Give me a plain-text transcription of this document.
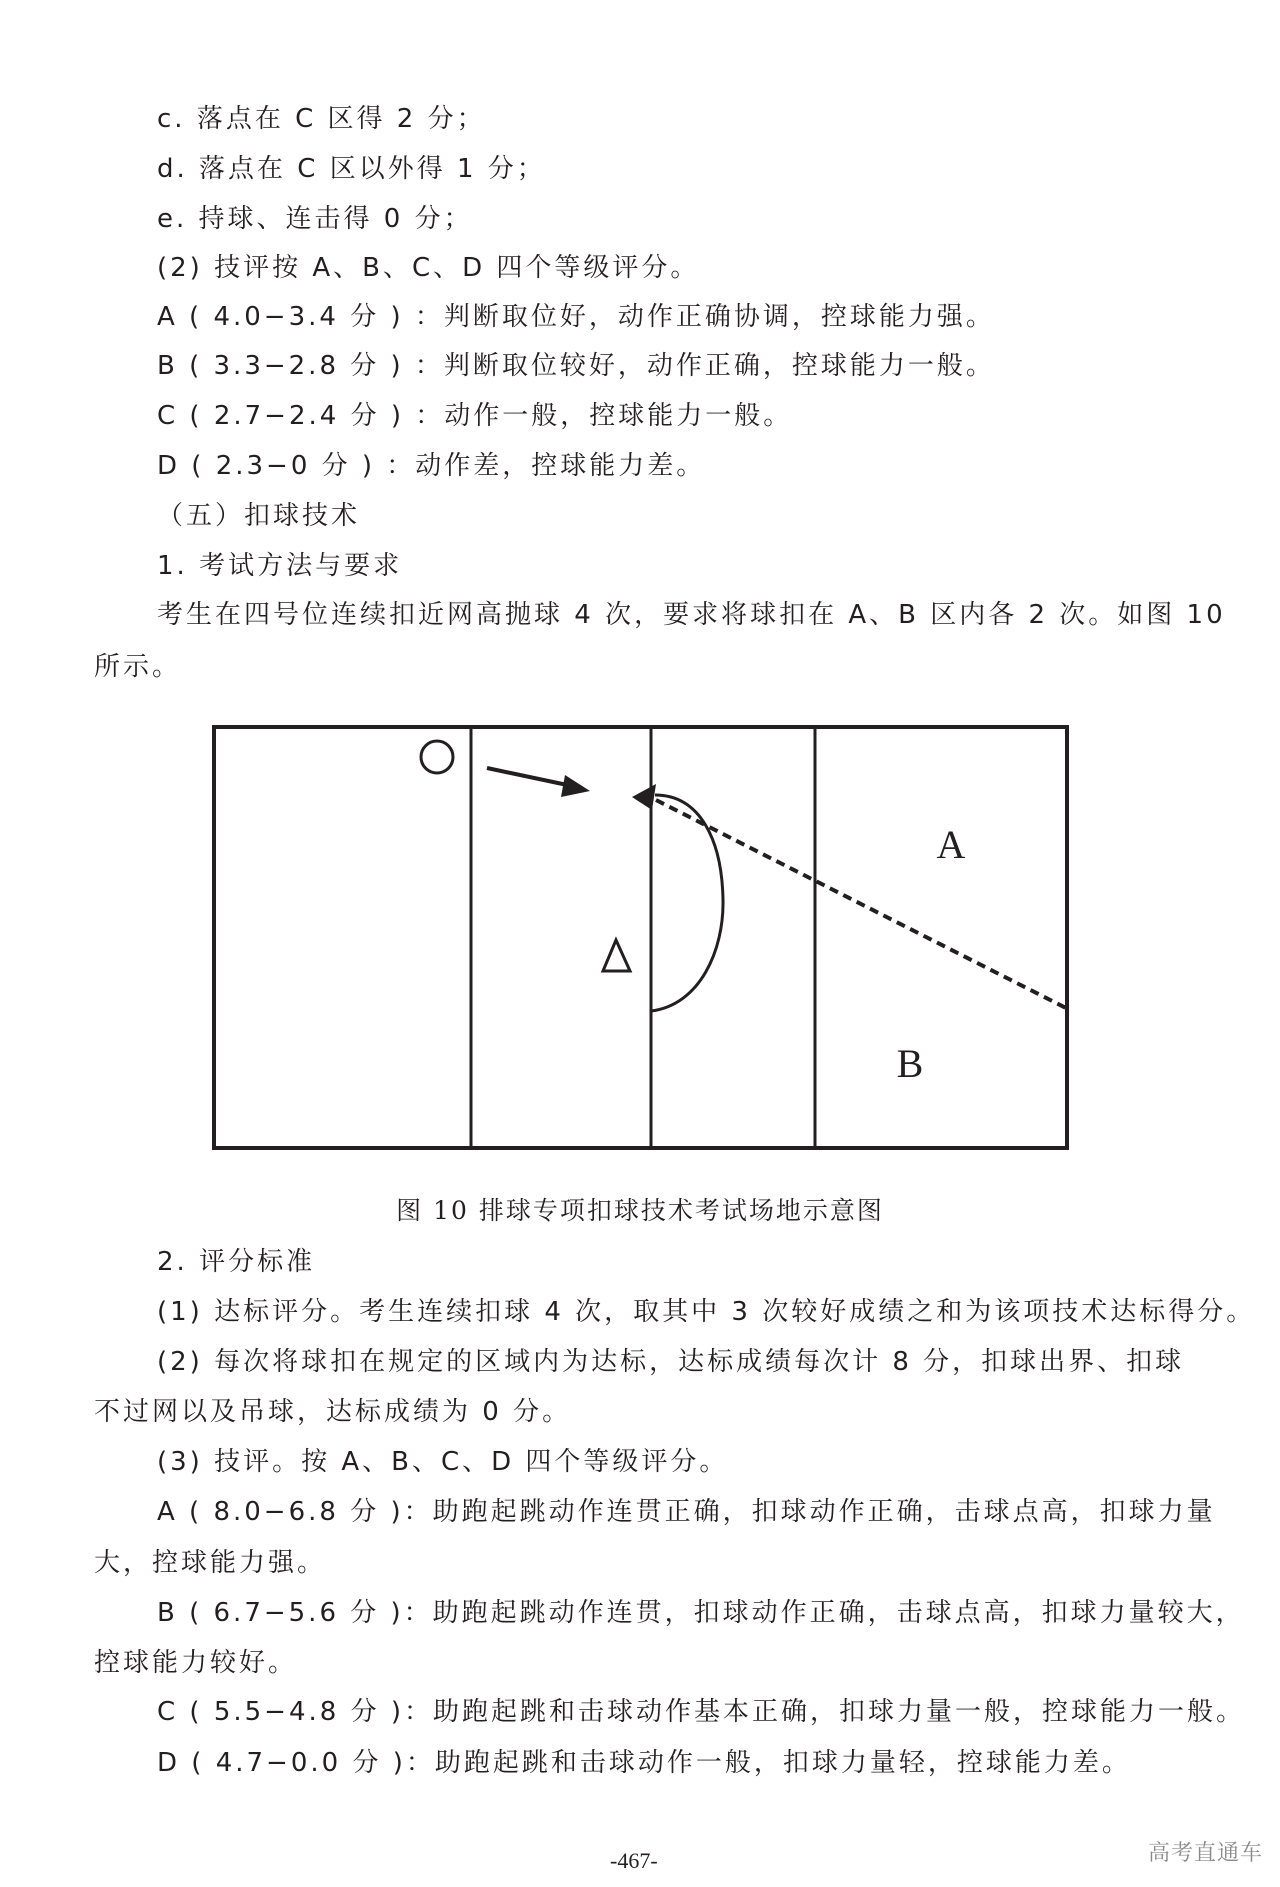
c. 落点在 C 区得 2 分；
d. 落点在 C 区以外得 1 分；
e. 持球、连击得 0 分；
(2) 技评按 A、B、C、D 四个等级评分。
A ( 4.0−3.4 分 ) ：判断取位好，动作正确协调，控球能力强。
B ( 3.3−2.8 分 ) ：判断取位较好，动作正确，控球能力一般。
C ( 2.7−2.4 分 ) ：动作一般，控球能力一般。
D ( 2.3−0 分 ) ：动作差，控球能力差。
（五）扣球技术
1. 考试方法与要求
考生在四号位连续扣近网高抛球 4 次，要求将球扣在 A、B 区内各 2 次。如图 10
所示。
A
B
图 10 排球专项扣球技术考试场地示意图
2. 评分标准
(1) 达标评分。考生连续扣球 4 次，取其中 3 次较好成绩之和为该项技术达标得分。
(2) 每次将球扣在规定的区域内为达标，达标成绩每次计 8 分，扣球出界、扣球
不过网以及吊球，达标成绩为 0 分。
(3) 技评。按 A、B、C、D 四个等级评分。
A ( 8.0−6.8 分 )：助跑起跳动作连贯正确，扣球动作正确，击球点高，扣球力量
大，控球能力强。
B ( 6.7−5.6 分 )：助跑起跳动作连贯，扣球动作正确，击球点高，扣球力量较大，
控球能力较好。
C ( 5.5−4.8 分 )：助跑起跳和击球动作基本正确，扣球力量一般，控球能力一般。
D ( 4.7−0.0 分 )：助跑起跳和击球动作一般，扣球力量轻，控球能力差。
-467-	高考直通车
